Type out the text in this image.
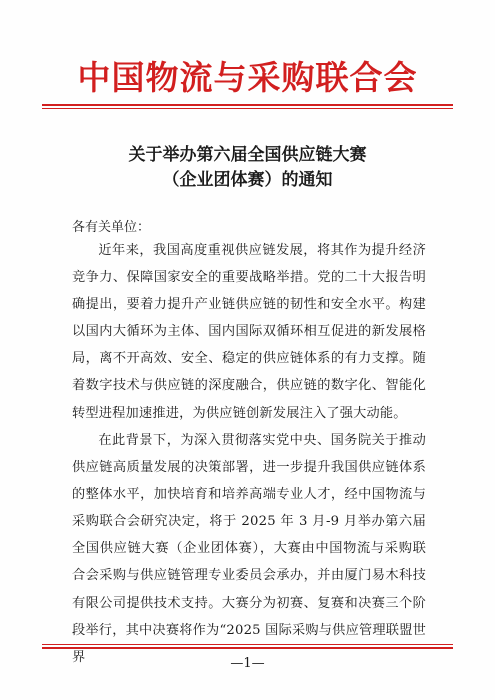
中国物流与采购联合会
关于举办第六届全国供应链大赛
（企业团体赛）的通知
各有关单位：

近年来，我国高度重视供应链发展，将其作为提升经济竞争力、保障国家安全的重要战略举措。党的二十大报告明确提出，要着力提升产业链供应链的韧性和安全水平。构建以国内大循环为主体、国内国际双循环相互促进的新发展格局，离不开高效、安全、稳定的供应链体系的有力支撑。随着数字技术与供应链的深度融合，供应链的数字化、智能化转型进程加速推进，为供应链创新发展注入了强大动能。

在此背景下，为深入贯彻落实党中央、国务院关于推动供应链高质量发展的决策部署，进一步提升我国供应链体系的整体水平，加快培育和培养高端专业人才，经中国物流与采购联合会研究决定，将于 2025 年 3 月-9 月举办第六届全国供应链大赛（企业团体赛），大赛由中国物流与采购联合会采购与供应链管理专业委员会承办，并由厦门易木科技有限公司提供技术支持。大赛分为初赛、复赛和决赛三个阶段举行，其中决赛将作为“2025 国际采购与供应管理联盟世界	—1—
